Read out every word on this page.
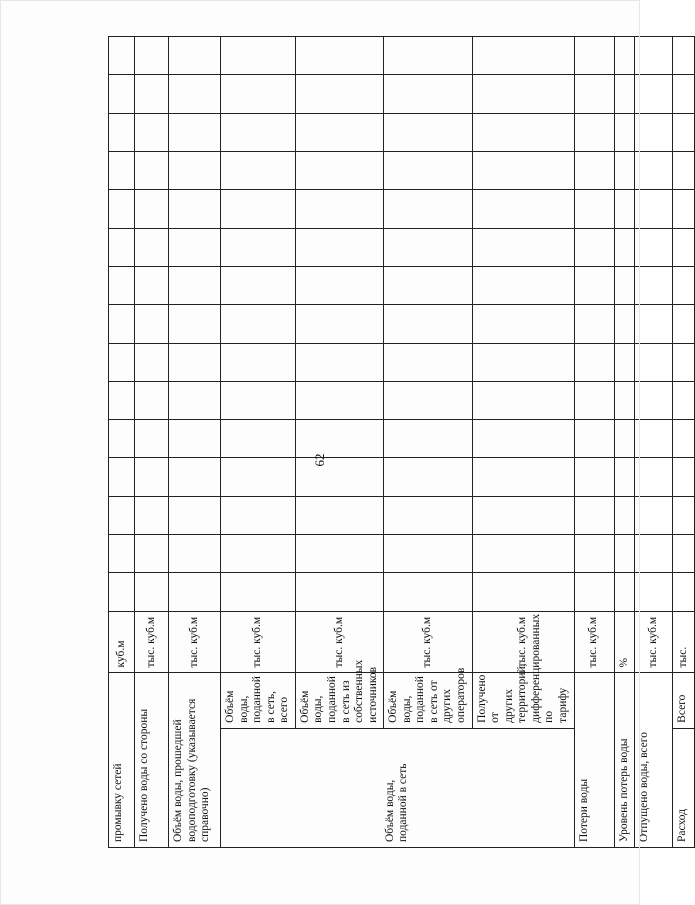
62
промывку сетей		куб.м															
Получено воды со стороны		тыс. куб.м															
Объём воды, прошедшей водоподготовку (указывается справочно)		тыс. куб.м															
Объём воды, поданной в сеть	Объём воды, поданной в сеть, всего	тыс. куб.м															
	Объём воды, поданной в сеть из собственных источников	тыс. куб.м															
	Объём воды, поданной в сеть от других операторов	тыс. куб.м															
	Получено от других территорий, дифференцированных по тарифу	тыс. куб.м															
Потери воды		тыс. куб.м															
Уровень потерь воды		%															
Отпущено воды, всего		тыс. куб.м															
Расход	Всего	тыс.															
